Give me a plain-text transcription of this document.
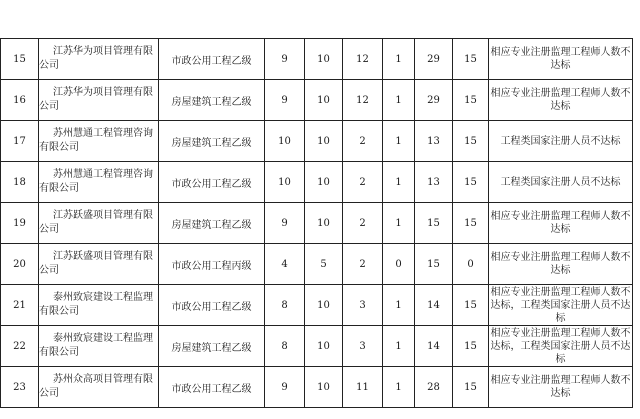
15	江苏华为项目管理有限公司	市政公用工程乙级	9	10	12	1	29	15	相应专业注册监理工程师人数不达标
16	江苏华为项目管理有限公司	房屋建筑工程乙级	9	10	12	1	29	15	相应专业注册监理工程师人数不达标
17	苏州慧通工程管理咨询有限公司	房屋建筑工程乙级	10	10	2	1	13	15	工程类国家注册人员不达标
18	苏州慧通工程管理咨询有限公司	市政公用工程乙级	10	10	2	1	13	15	工程类国家注册人员不达标
19	江苏跃盛项目管理有限公司	房屋建筑工程乙级	9	10	2	1	15	15	相应专业注册监理工程师人数不达标
20	江苏跃盛项目管理有限公司	市政公用工程丙级	4	5	2	0	15	0	相应专业注册监理工程师人数不达标
21	泰州致宸建设工程监理有限公司	市政公用工程乙级	8	10	3	1	14	15	相应专业注册监理工程师人数不达标，工程类国家注册人员不达标
22	泰州致宸建设工程监理有限公司	房屋建筑工程乙级	8	10	3	1	14	15	相应专业注册监理工程师人数不达标，工程类国家注册人员不达标
23	苏州众高项目管理有限公司	市政公用工程乙级	9	10	11	1	28	15	相应专业注册监理工程师人数不达标
